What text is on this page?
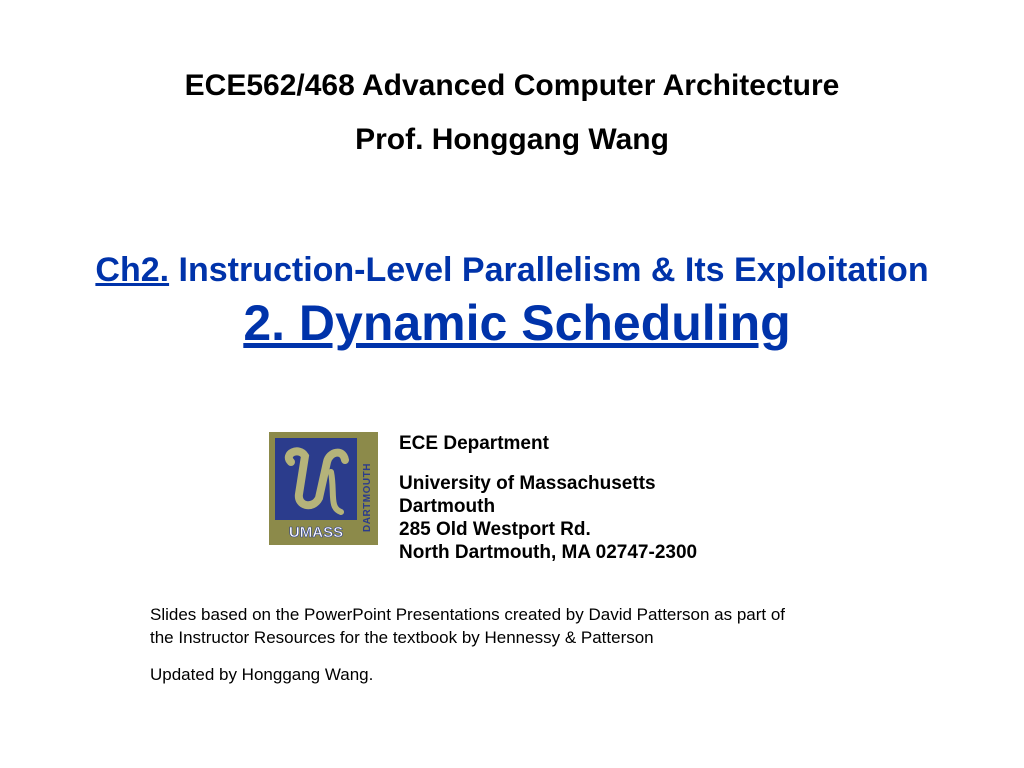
ECE562/468 Advanced Computer Architecture
Prof. Honggang Wang
Ch2. Instruction-Level Parallelism & Its Exploitation
2. Dynamic Scheduling
DARTMOUTH
UMASS
ECE Department
University of Massachusetts
Dartmouth
285 Old Westport Rd.
North Dartmouth, MA 02747-2300
Slides based on the PowerPoint Presentations created by David Patterson as part of
the Instructor Resources for the textbook by Hennessy & Patterson
Updated by Honggang Wang.
